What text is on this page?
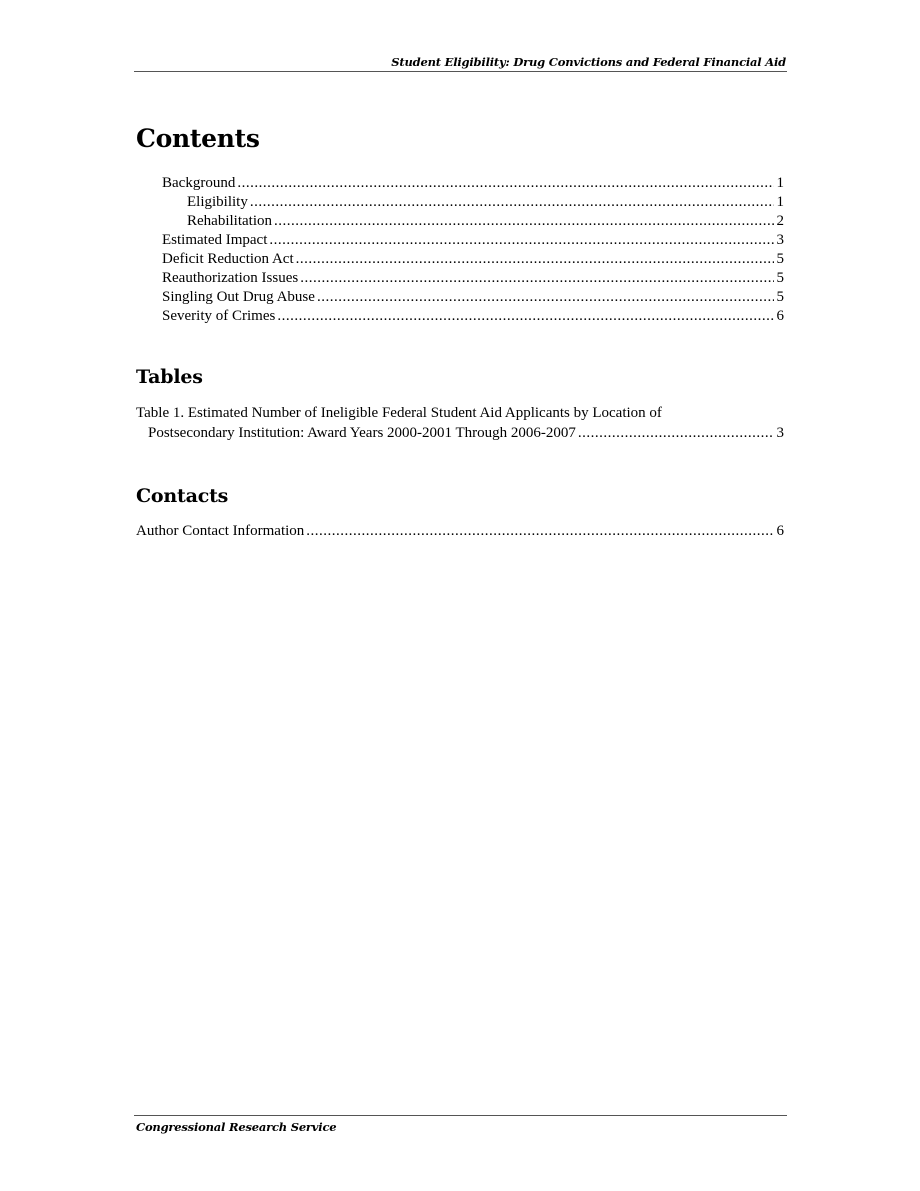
Student Eligibility: Drug Convictions and Federal Financial Aid
Contents
Background .....	1
Eligibility .....	1
Rehabilitation .....	2
Estimated Impact .....	3
Deficit Reduction Act .....	5
Reauthorization Issues .....	5
Singling Out Drug Abuse .....	5
Severity of Crimes .....	6
Tables
Table 1. Estimated Number of Ineligible Federal Student Aid Applicants by Location of
Postsecondary Institution: Award Years 2000-2001 Through 2006-2007 .....	3
Contacts
Author Contact Information .....	6
Congressional Research Service
